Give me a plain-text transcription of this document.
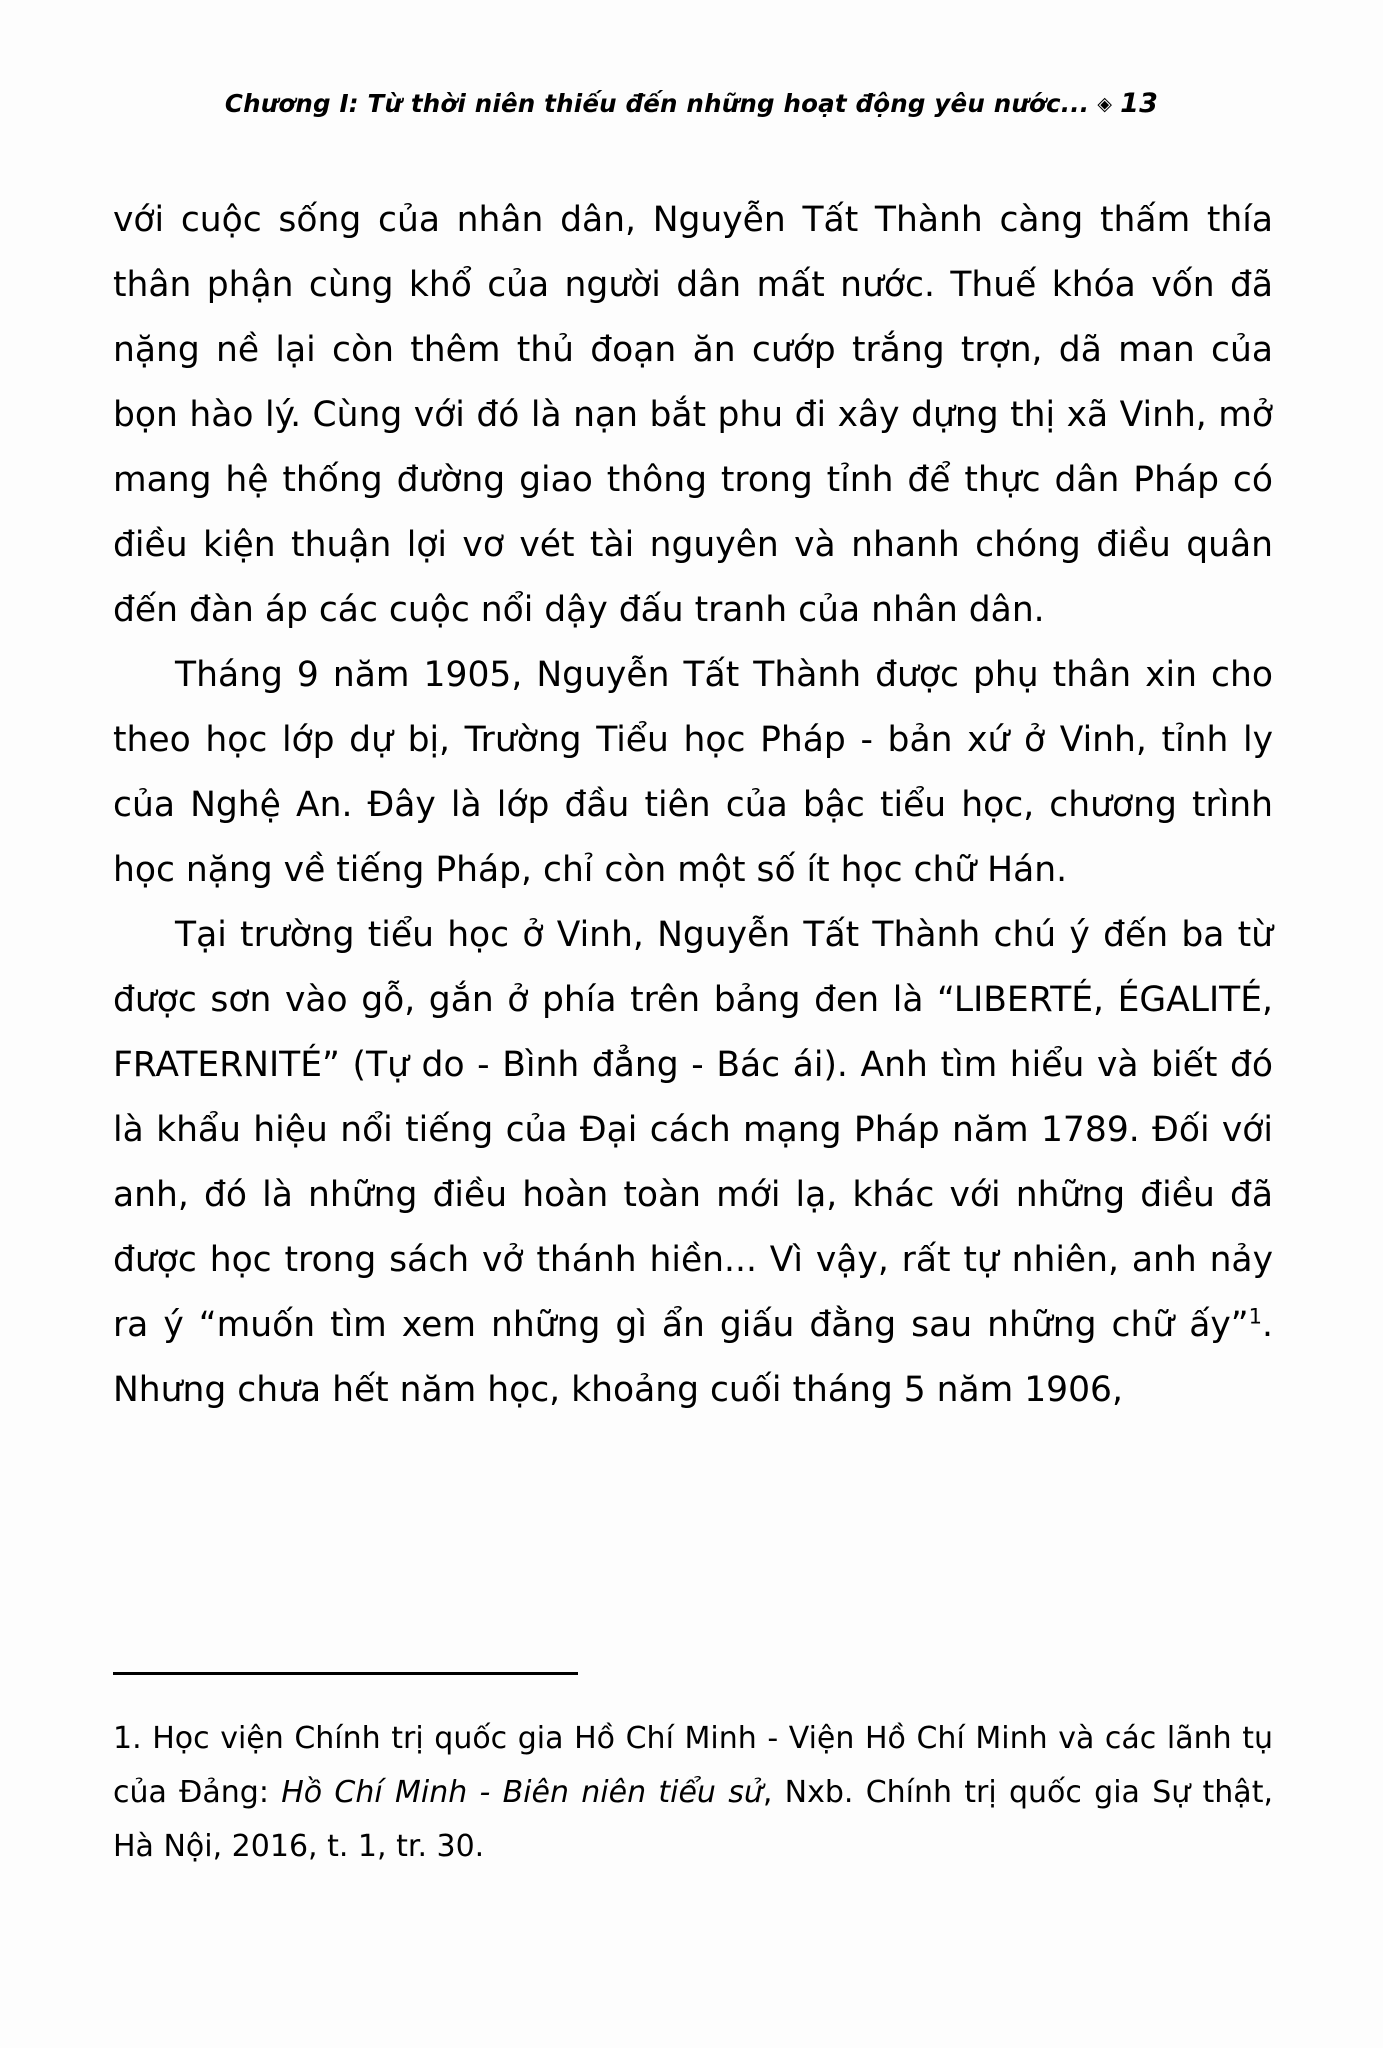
Chương I: Từ thời niên thiếu đến những hoạt động yêu nước... ◈ 13

với cuộc sống của nhân dân, Nguyễn Tất Thành càng thấm thía thân phận cùng khổ của người dân mất nước. Thuế khóa vốn đã nặng nề lại còn thêm thủ đoạn ăn cướp trắng trợn, dã man của bọn hào lý. Cùng với đó là nạn bắt phu đi xây dựng thị xã Vinh, mở mang hệ thống đường giao thông trong tỉnh để thực dân Pháp có điều kiện thuận lợi vơ vét tài nguyên và nhanh chóng điều quân đến đàn áp các cuộc nổi dậy đấu tranh của nhân dân.

Tháng 9 năm 1905, Nguyễn Tất Thành được phụ thân xin cho theo học lớp dự bị, Trường Tiểu học Pháp - bản xứ ở Vinh, tỉnh ly của Nghệ An. Đây là lớp đầu tiên của bậc tiểu học, chương trình học nặng về tiếng Pháp, chỉ còn một số ít học chữ Hán.

Tại trường tiểu học ở Vinh, Nguyễn Tất Thành chú ý đến ba từ được sơn vào gỗ, gắn ở phía trên bảng đen là “LIBERTÉ, ÉGALITÉ, FRATERNITÉ” (Tự do - Bình đẳng - Bác ái). Anh tìm hiểu và biết đó là khẩu hiệu nổi tiếng của Đại cách mạng Pháp năm 1789. Đối với anh, đó là những điều hoàn toàn mới lạ, khác với những điều đã được học trong sách vở thánh hiền... Vì vậy, rất tự nhiên, anh nảy ra ý “muốn tìm xem những gì ẩn giấu đằng sau những chữ ấy”$^1$. Nhưng chưa hết năm học, khoảng cuối tháng 5 năm 1906,

1. Học viện Chính trị quốc gia Hồ Chí Minh - Viện Hồ Chí Minh và các lãnh tụ của Đảng: Hồ Chí Minh - Biên niên tiểu sử, Nxb. Chính trị quốc gia Sự thật, Hà Nội, 2016, t. 1, tr. 30.
